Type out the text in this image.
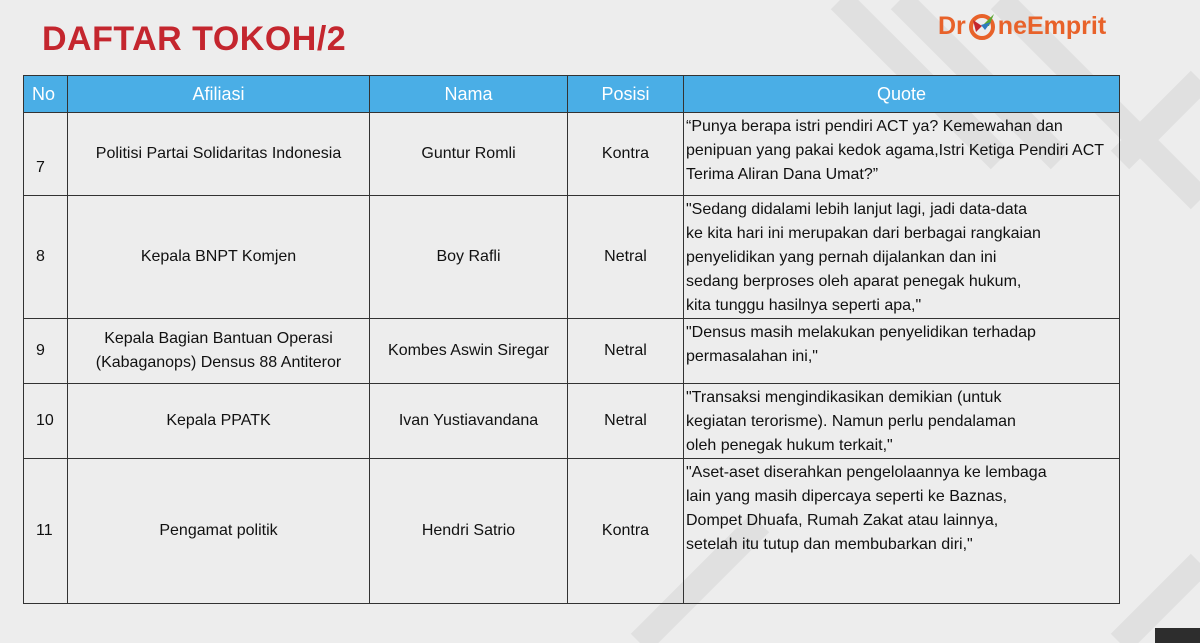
DAFTAR TOKOH/2	Dr neEmprit
No	Afiliasi	Nama	Posisi	Quote
7	Politisi Partai Solidaritas Indonesia	Guntur Romli	Kontra	“Punya berapa istri pendiri ACT ya? Kemewahan dan
penipuan yang pakai kedok agama,Istri Ketiga Pendiri ACT
Terima Aliran Dana Umat?”

8	Kepala BNPT Komjen	Boy Rafli	Netral	"Sedang didalami lebih lanjut lagi, jadi data-data
ke kita hari ini merupakan dari berbagai rangkaian
penyelidikan yang pernah dijalankan dan ini
sedang berproses oleh aparat penegak hukum,
kita tunggu hasilnya seperti apa,"

9	Kepala Bagian Bantuan Operasi (Kabaganops) Densus 88 Antiteror	Kombes Aswin Siregar	Netral	"Densus masih melakukan penyelidikan terhadap
permasalahan ini,"

10	Kepala PPATK	Ivan Yustiavandana	Netral	"Transaksi mengindikasikan demikian (untuk
kegiatan terorisme). Namun perlu pendalaman
oleh penegak hukum terkait,"

11	Pengamat politik	Hendri Satrio	Kontra	"Aset-aset diserahkan pengelolaannya ke lembaga
lain yang masih dipercaya seperti ke Baznas,
Dompet Dhuafa, Rumah Zakat atau lainnya,
setelah itu tutup dan membubarkan diri,"
